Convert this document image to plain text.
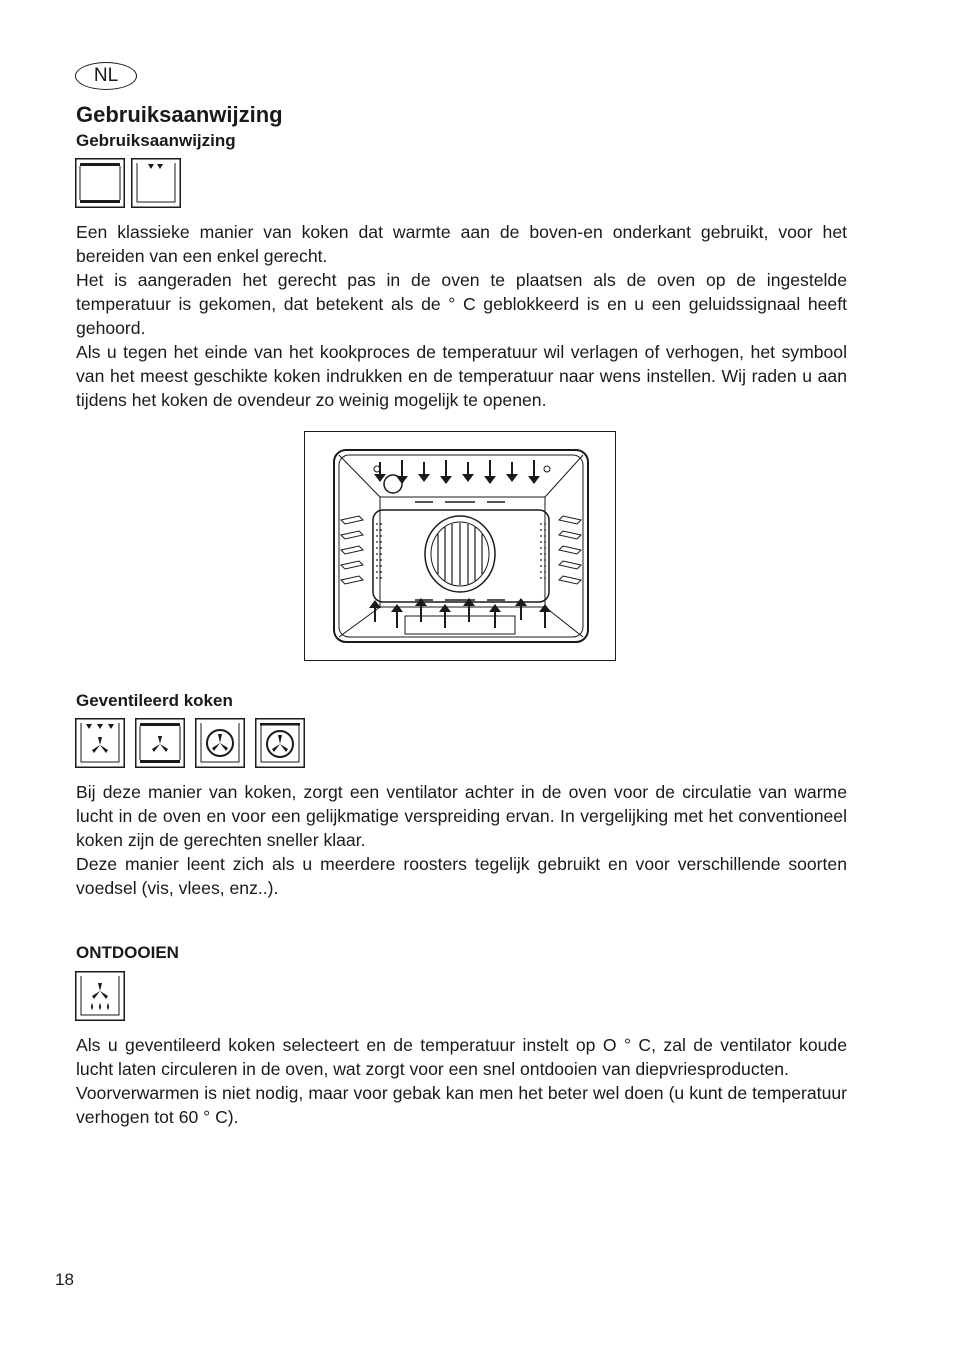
NL
Gebruiksaanwijzing
Gebruiksaanwijzing

Een klassieke manier van koken dat warmte aan de boven-en onderkant gebruikt, voor het bereiden van een enkel gerecht.

Het is aangeraden het gerecht pas in de oven te plaatsen als de oven op de ingestelde temperatuur is gekomen, dat betekent als de ° C geblokkeerd is en u een geluidssignaal heeft gehoord.

Als u tegen het einde van het kookproces de temperatuur wil verlagen of verhogen, het symbool van het meest geschikte koken indrukken en de temperatuur naar wens instellen. Wij raden u aan tijdens het koken de ovendeur zo weinig mogelijk te openen.

Geventileerd koken

Bij deze manier van koken, zorgt een ventilator achter in de oven voor de circulatie van warme lucht in de oven en voor een gelijkmatige verspreiding ervan. In vergelijking met het conventioneel koken zijn de gerechten sneller klaar.

Deze manier leent zich als u meerdere roosters tegelijk gebruikt en voor verschillende soorten voedsel (vis, vlees, enz..).

ONTDOOIEN

Als u geventileerd koken selecteert en de temperatuur instelt op O ° C, zal de ventilator koude lucht laten circuleren in de oven, wat zorgt voor een snel ontdooien van diepvriesproducten.

Voorverwarmen is niet nodig, maar voor gebak kan men het beter wel doen (u kunt de temperatuur verhogen tot 60 ° C).

18
